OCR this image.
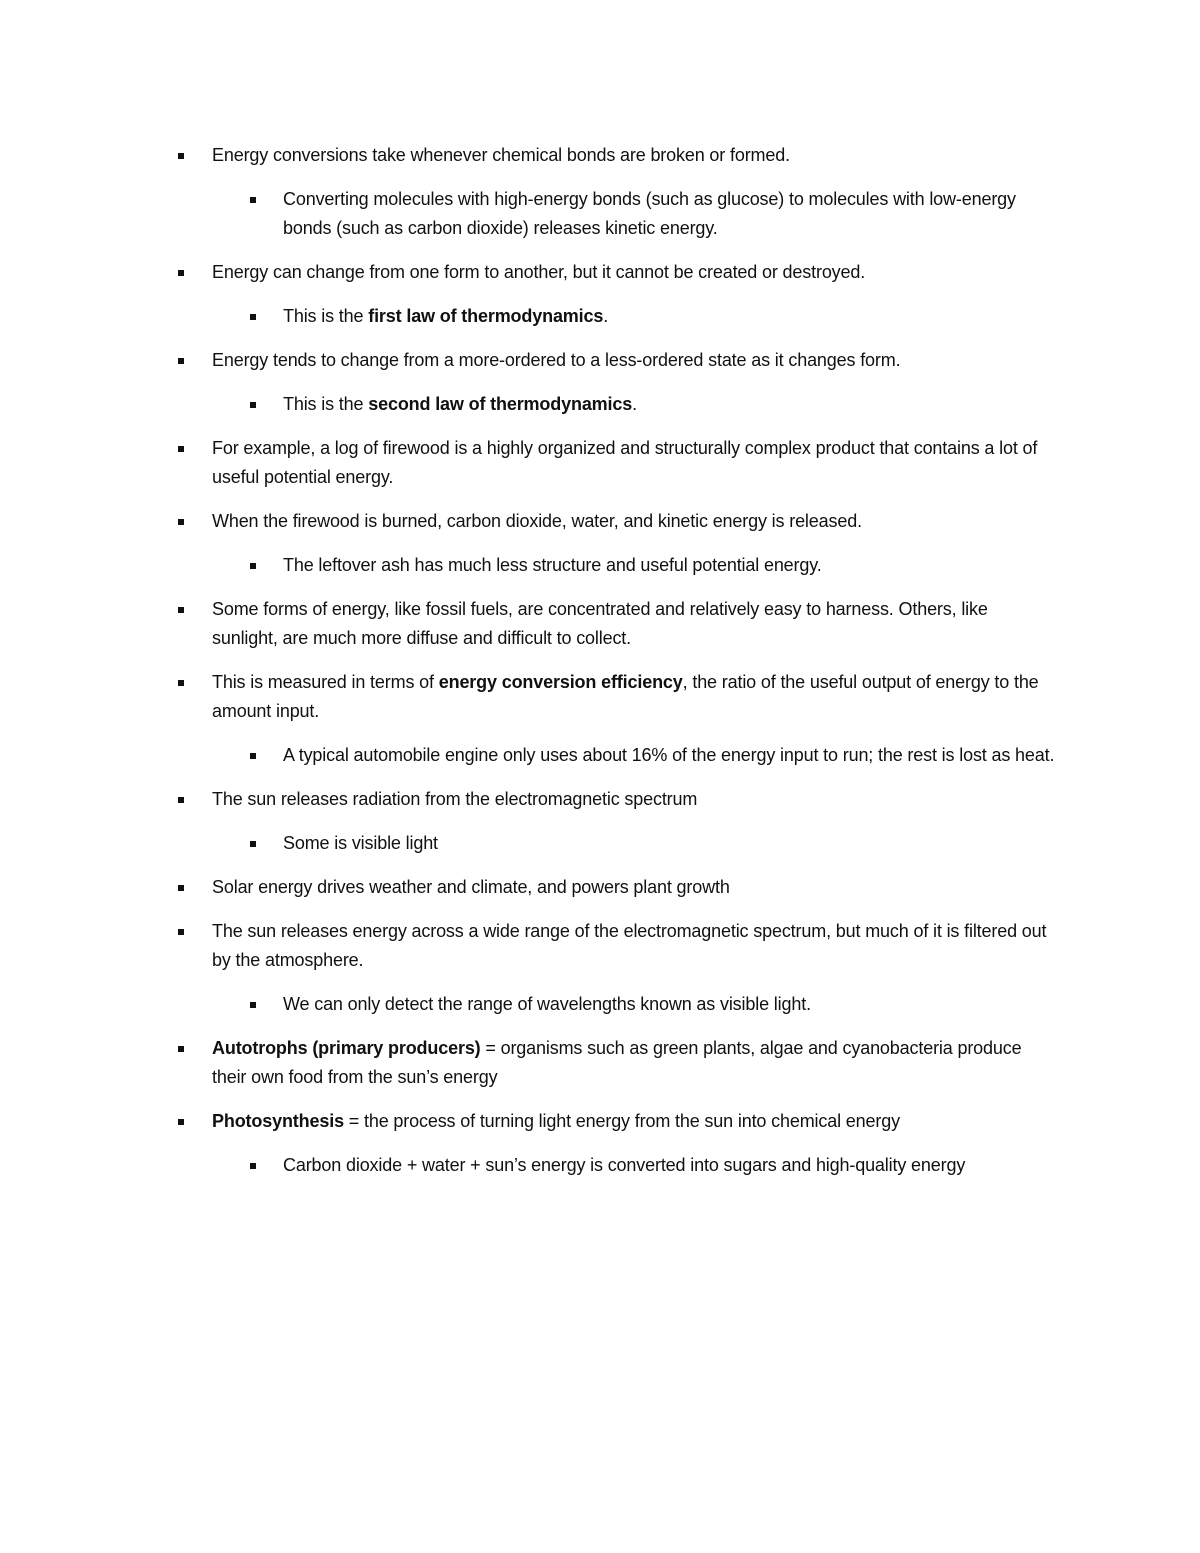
Energy conversions take whenever chemical bonds are broken or formed.
Converting molecules with high-energy bonds (such as glucose) to molecules with low-energy bonds (such as carbon dioxide) releases kinetic energy.
Energy can change from one form to another, but it cannot be created or destroyed.
This is the first law of thermodynamics.
Energy tends to change from a more-ordered to a less-ordered state as it changes form.
This is the second law of thermodynamics.
For example, a log of firewood is a highly organized and structurally complex product that contains a lot of useful potential energy.
When the firewood is burned, carbon dioxide, water, and kinetic energy is released.
The leftover ash has much less structure and useful potential energy.
Some forms of energy, like fossil fuels, are concentrated and relatively easy to harness. Others, like sunlight, are much more diffuse and difficult to collect.
This is measured in terms of energy conversion efficiency, the ratio of the useful output of energy to the amount input.
A typical automobile engine only uses about 16% of the energy input to run; the rest is lost as heat.
The sun releases radiation from the electromagnetic spectrum
Some is visible light
Solar energy drives weather and climate, and powers plant growth
The sun releases energy across a wide range of the electromagnetic spectrum, but much of it is filtered out by the atmosphere.
We can only detect the range of wavelengths known as visible light.
Autotrophs (primary producers) = organisms such as green plants, algae and cyanobacteria produce their own food from the sun’s energy
Photosynthesis = the process of turning light energy from the sun into chemical energy
Carbon dioxide + water + sun’s energy is converted into sugars and high-quality energy
